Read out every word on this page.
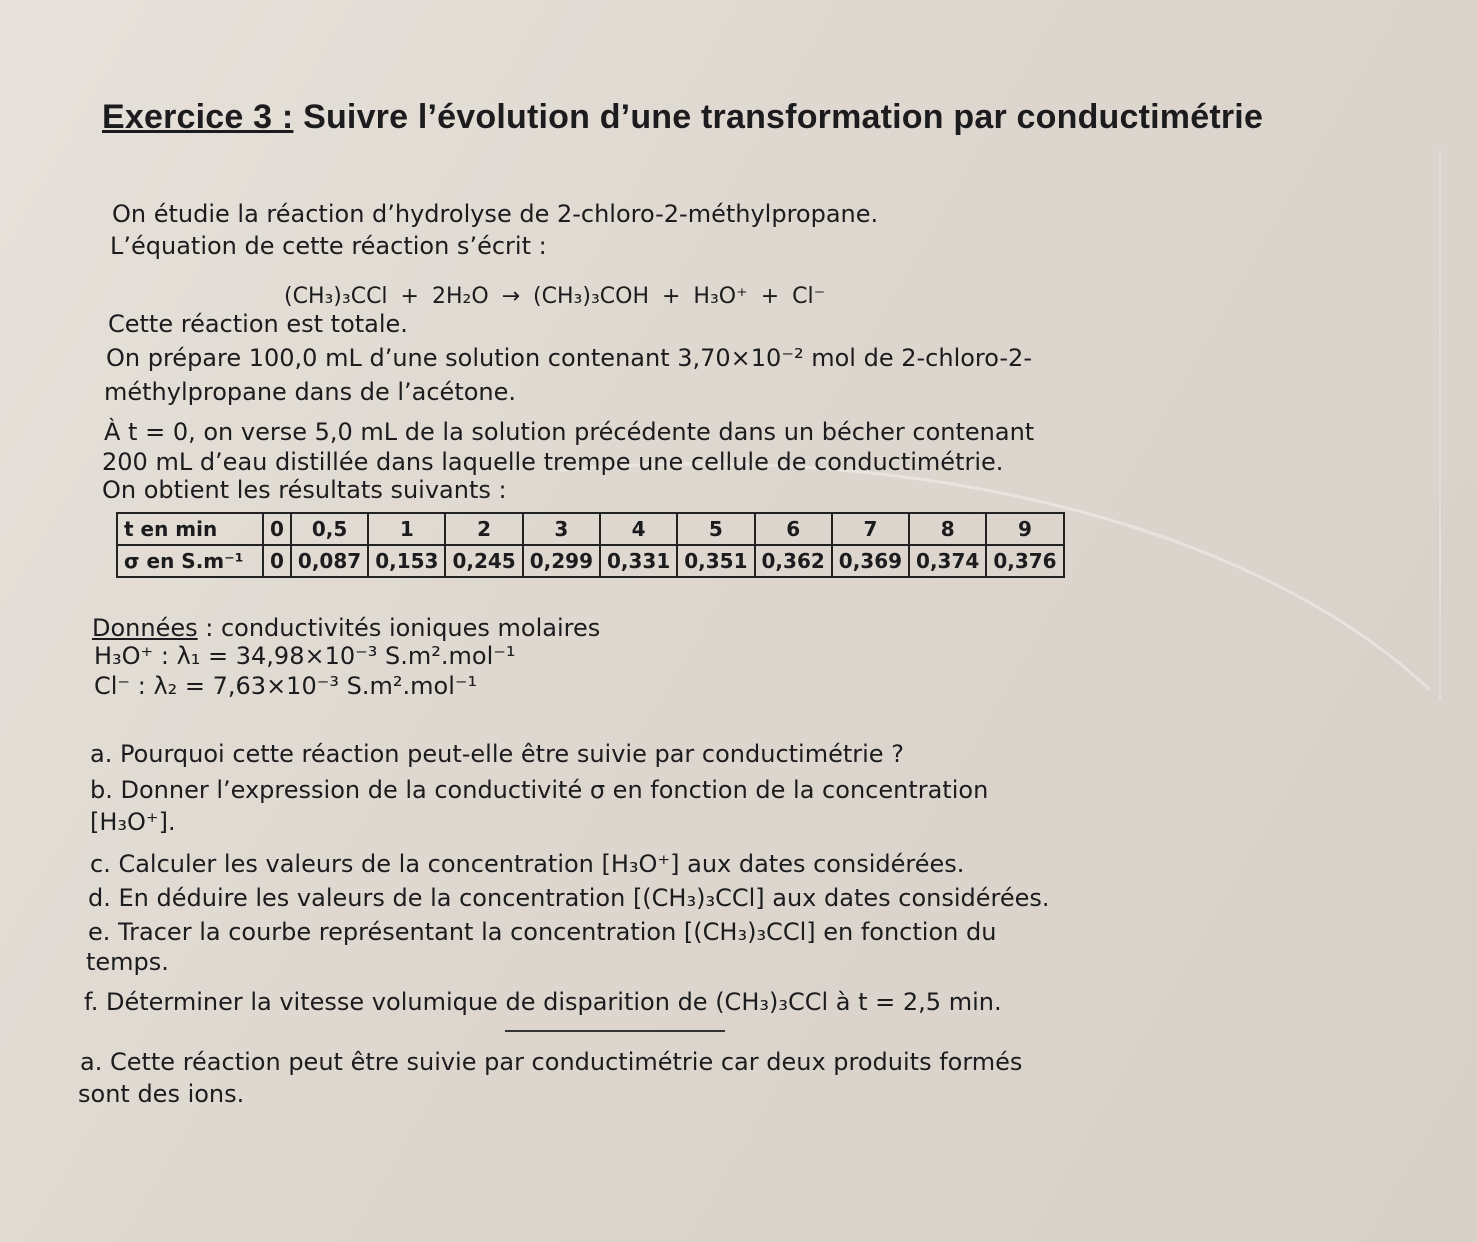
Exercice 3 : Suivre l’évolution d’une transformation par conductimétrie
On étudie la réaction d’hydrolyse de 2-chloro-2-méthylpropane.
L’équation de cette réaction s’écrit :
(CH₃)₃CCl + 2H₂O → (CH₃)₃COH + H₃O⁺ + Cl⁻
Cette réaction est totale.
On prépare 100,0 mL d’une solution contenant 3,70×10⁻² mol de 2-chloro-2-
méthylpropane dans de l’acétone.
À t = 0, on verse 5,0 mL de la solution précédente dans un bécher contenant
200 mL d’eau distillée dans laquelle trempe une cellule de conductimétrie.
On obtient les résultats suivants :
t en min	0	0,5	1	2	3	4	5	6	7	8	9
σ en S.m⁻¹	0	0,087	0,153	0,245	0,299	0,331	0,351	0,362	0,369	0,374	0,376
Données : conductivités ioniques molaires
H₃O⁺ : λ₁ = 34,98×10⁻³ S.m².mol⁻¹
Cl⁻ : λ₂ = 7,63×10⁻³ S.m².mol⁻¹
a. Pourquoi cette réaction peut-elle être suivie par conductimétrie ?
b. Donner l’expression de la conductivité σ en fonction de la concentration
[H₃O⁺].
c. Calculer les valeurs de la concentration [H₃O⁺] aux dates considérées.
d. En déduire les valeurs de la concentration [(CH₃)₃CCl] aux dates considérées.
e. Tracer la courbe représentant la concentration [(CH₃)₃CCl] en fonction du
temps.
f. Déterminer la vitesse volumique de disparition de (CH₃)₃CCl à t = 2,5 min.
a. Cette réaction peut être suivie par conductimétrie car deux produits formés
sont des ions.
